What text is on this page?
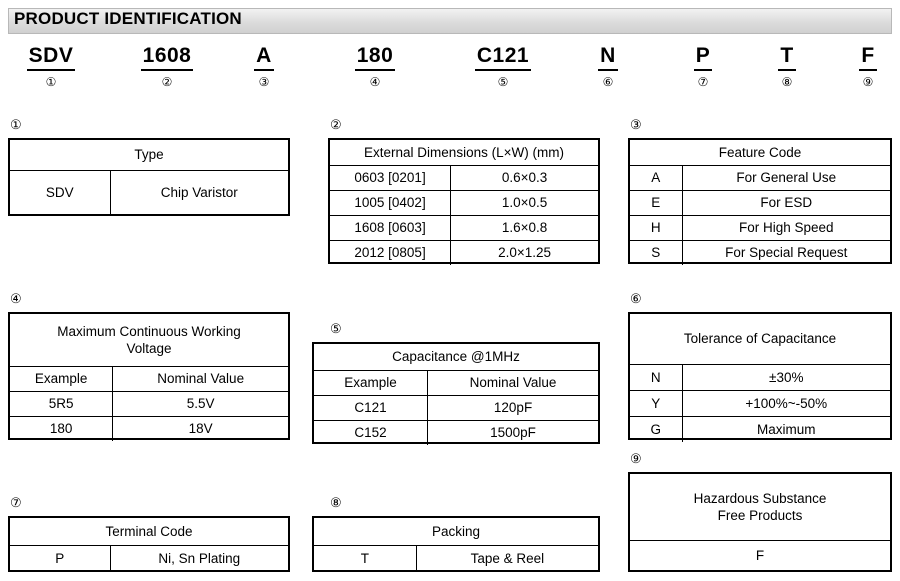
PRODUCT IDENTIFICATION
SDV
①
1608
②
A
③
180
④
C121
⑤
N
⑥
P
⑦
T
⑧
F
⑨
①
Type
SDV	Chip Varistor
②
External Dimensions (L×W) (mm)	
0603 [0201]	0.6×0.3
1005 [0402]	1.0×0.5
1608 [0603]	1.6×0.8
2012 [0805]	2.0×1.25
③
Feature Code	
A	For General Use
E	For ESD
H	For High Speed
S	For Special Request
④
Maximum Continuous Working
Voltage	
Example	Nominal Value
5R5	5.5V
180	18V
⑤
Capacitance @1MHz	
Example	Nominal Value
C121	120pF
C152	1500pF
⑥
Tolerance of Capacitance	
N	±30%
Y	+100%~-50%
G	Maximum
⑦
Terminal Code
P	Ni, Sn Plating
⑧
Packing
T	Tape & Reel
⑨
Hazardous Substance
Free Products
F
